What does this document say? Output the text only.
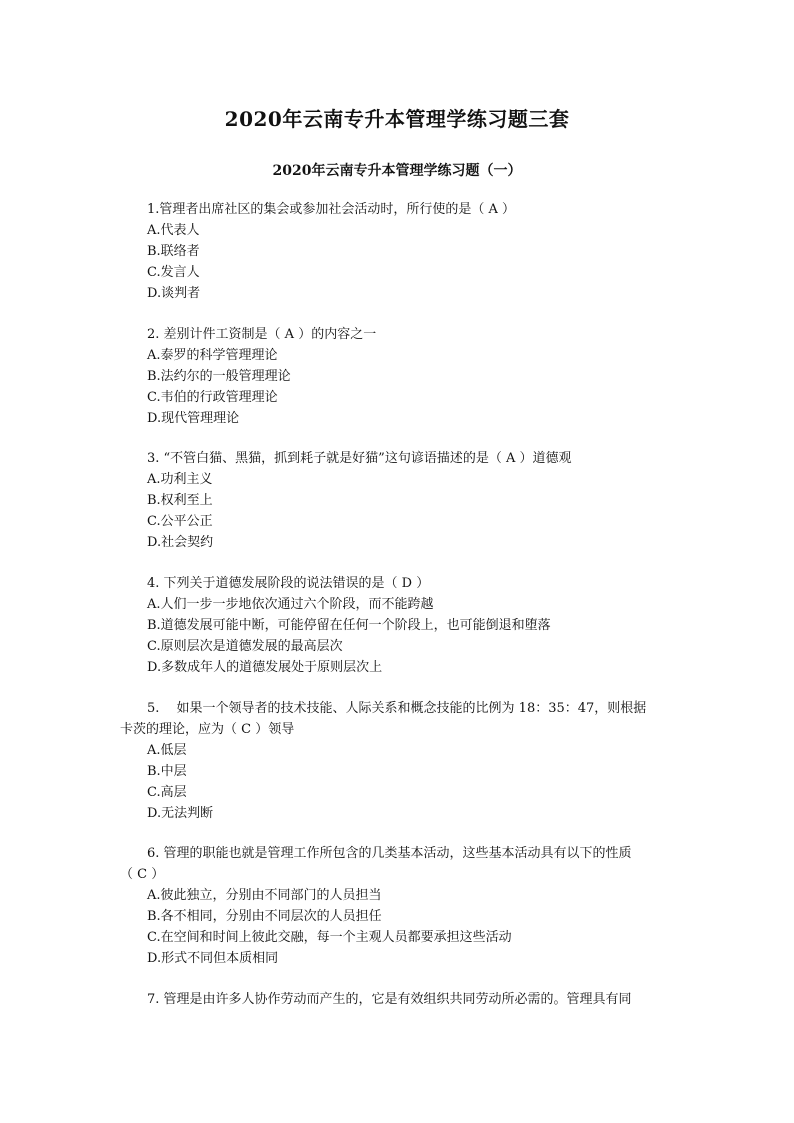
2020年云南专升本管理学练习题三套
2020年云南专升本管理学练习题（一）
1.管理者出席社区的集会或参加社会活动时，所行使的是（ A ）
A.代表人
B.联络者
C.发言人
D.谈判者
2. 差别计件工资制是（ A ）的内容之一
A.泰罗的科学管理理论
B.法约尔的一般管理理论
C.韦伯的行政管理理论
D.现代管理理论
3. “不管白猫、黑猫，抓到耗子就是好猫”这句谚语描述的是（ A ）道德观
A.功利主义
B.权利至上
C.公平公正
D.社会契约
4. 下列关于道德发展阶段的说法错误的是（ D ）
A.人们一步一步地依次通过六个阶段，而不能跨越
B.道德发展可能中断，可能停留在任何一个阶段上，也可能倒退和堕落
C.原则层次是道德发展的最高层次
D.多数成年人的道德发展处于原则层次上
5.　 如果一个领导者的技术技能、人际关系和概念技能的比例为 18：35：47，则根据
卡茨的理论，应为（ C ）领导
A.低层
B.中层
C.高层
D.无法判断
6. 管理的职能也就是管理工作所包含的几类基本活动，这些基本活动具有以下的性质
（ C ）
A.彼此独立，分别由不同部门的人员担当
B.各不相同，分别由不同层次的人员担任
C.在空间和时间上彼此交融，每一个主观人员都要承担这些活动
D.形式不同但本质相同
7. 管理是由许多人协作劳动而产生的，它是有效组织共同劳动所必需的。管理具有同
